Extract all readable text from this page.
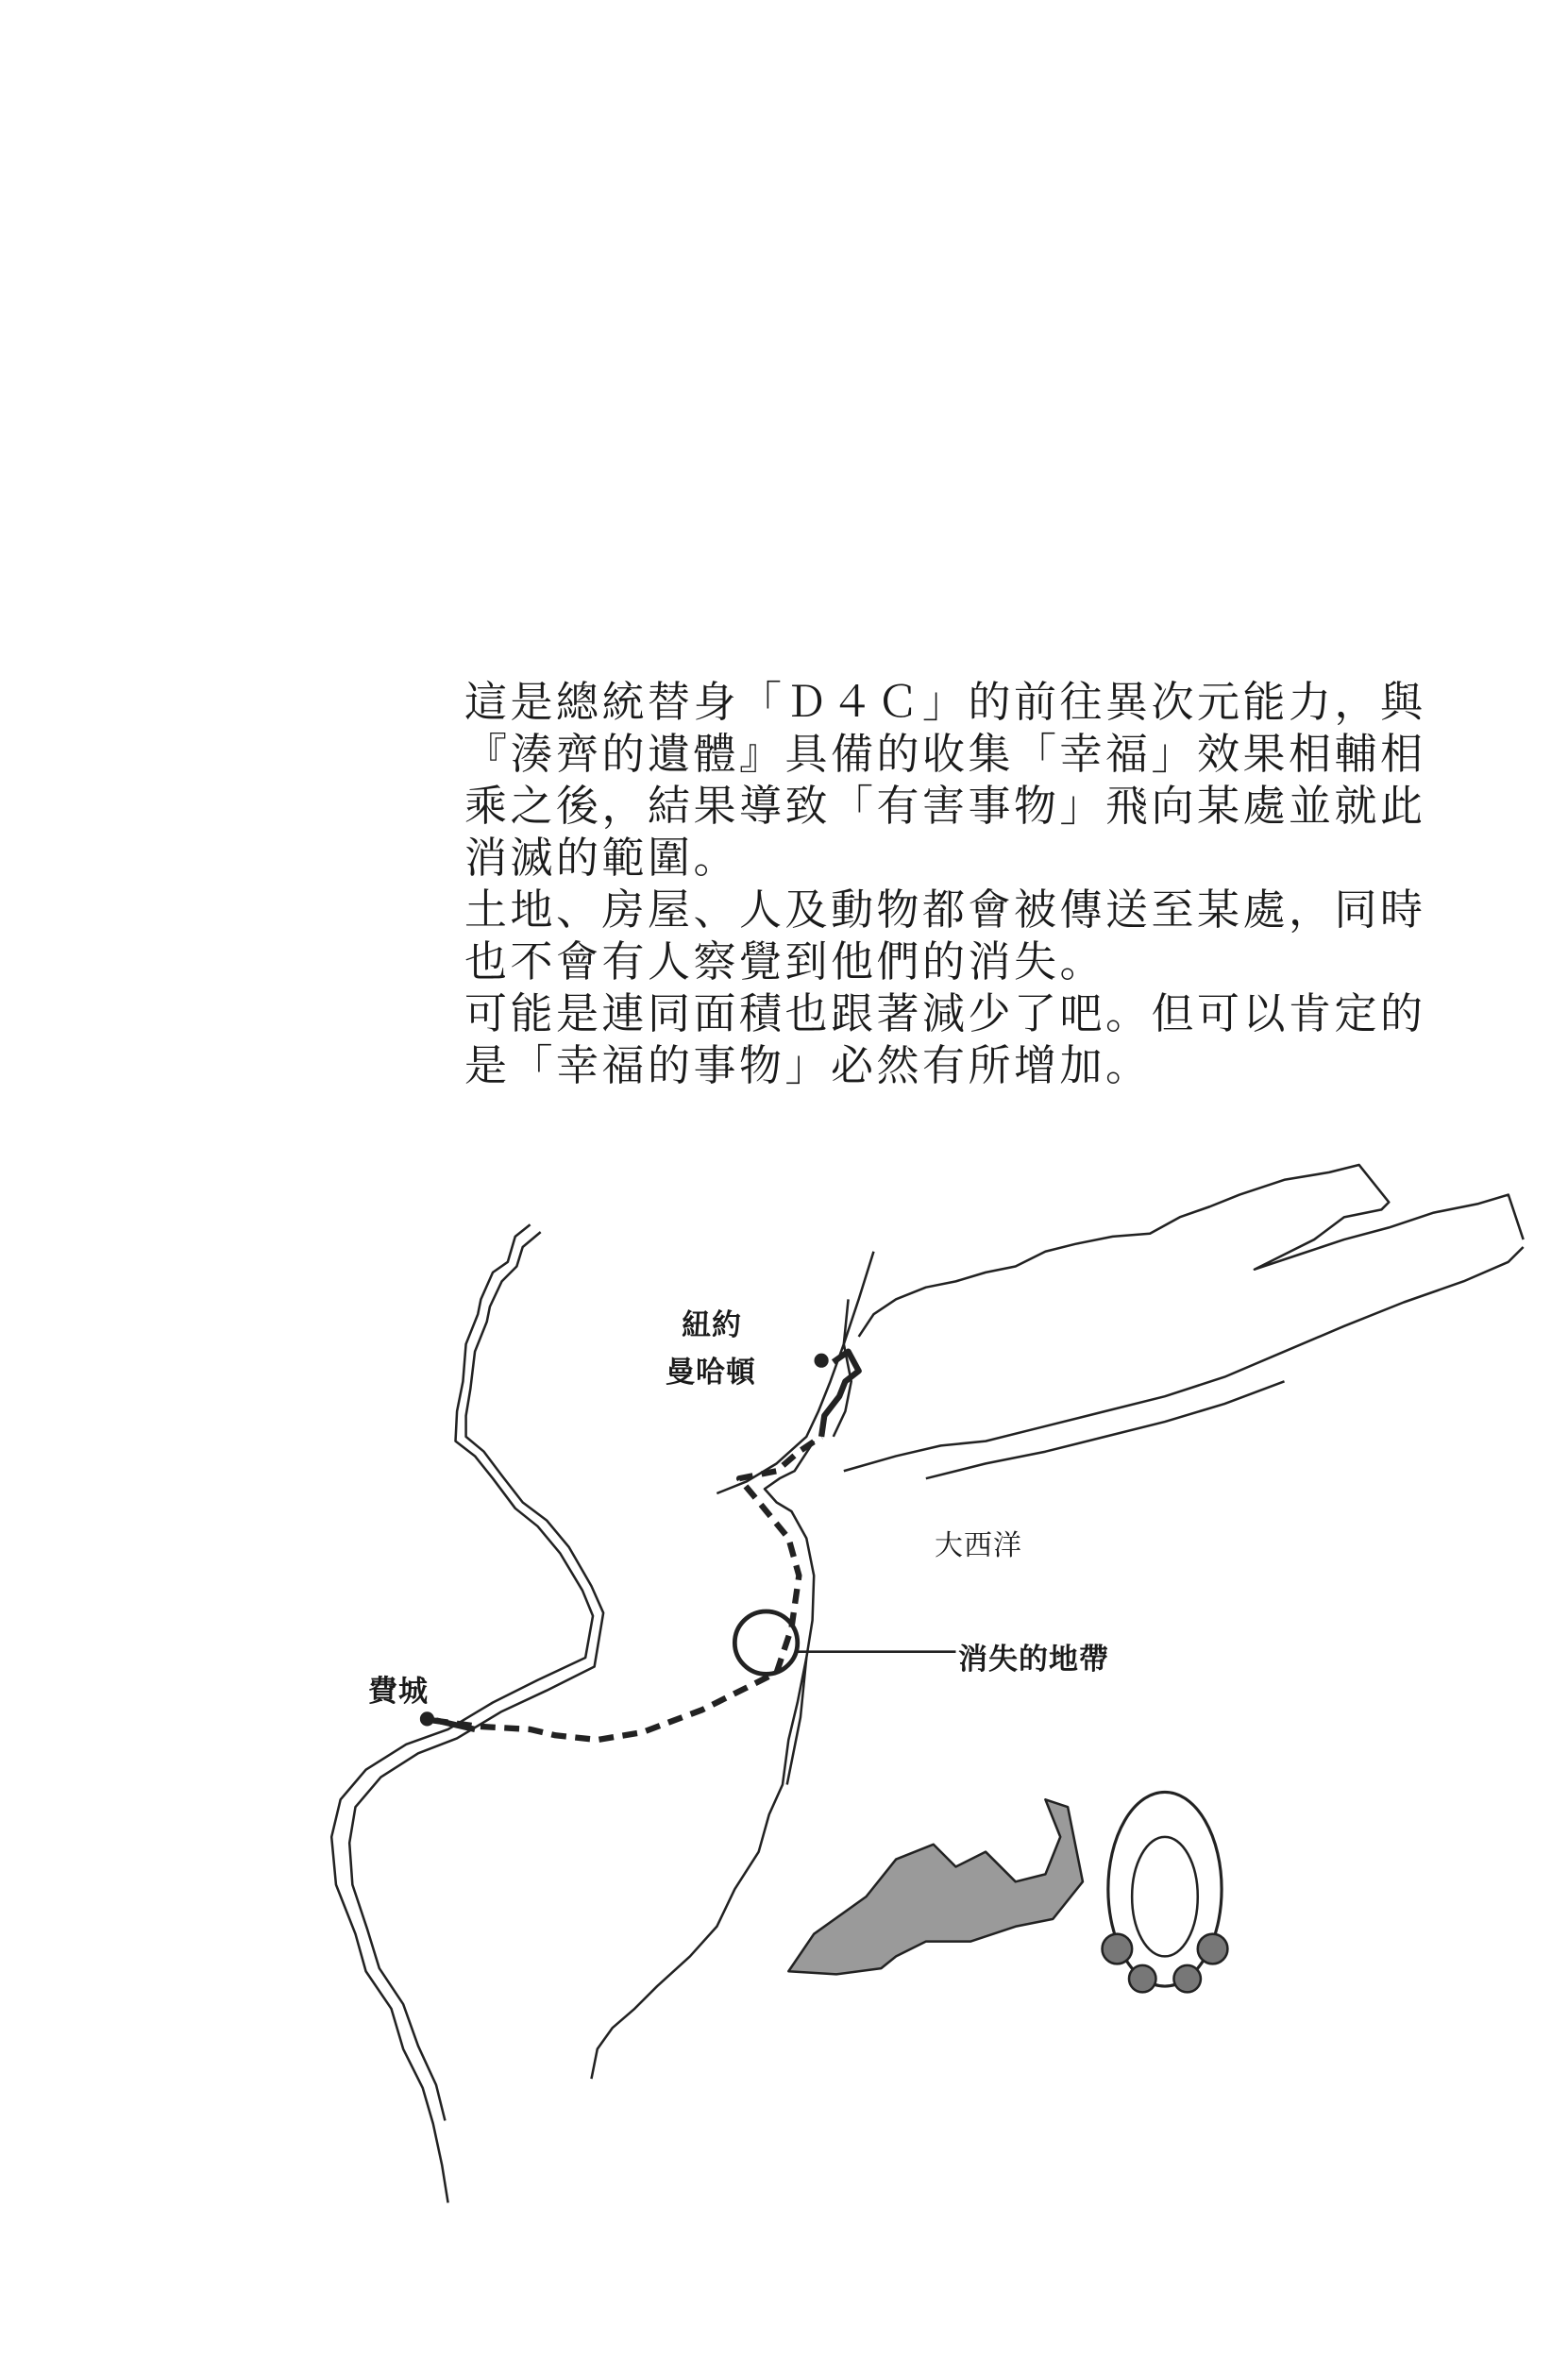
這是總統替身「Ｄ４Ｃ」的前往異次元能力，與

『湊齊的遺體』具備的收集「幸福」效果相輔相

乘之後，結果導致「有害事物」飛向某處並就此

消滅的範圍。

土地、房屋、人及動物都會被傳送至某處，同時

也不會有人察覺到他們的消失。

可能是連同面積也跟著減少了吧。但可以肯定的

是「幸福的事物」必然有所增加。

紐約
曼哈頓
大西洋
消失的地帶
費城
